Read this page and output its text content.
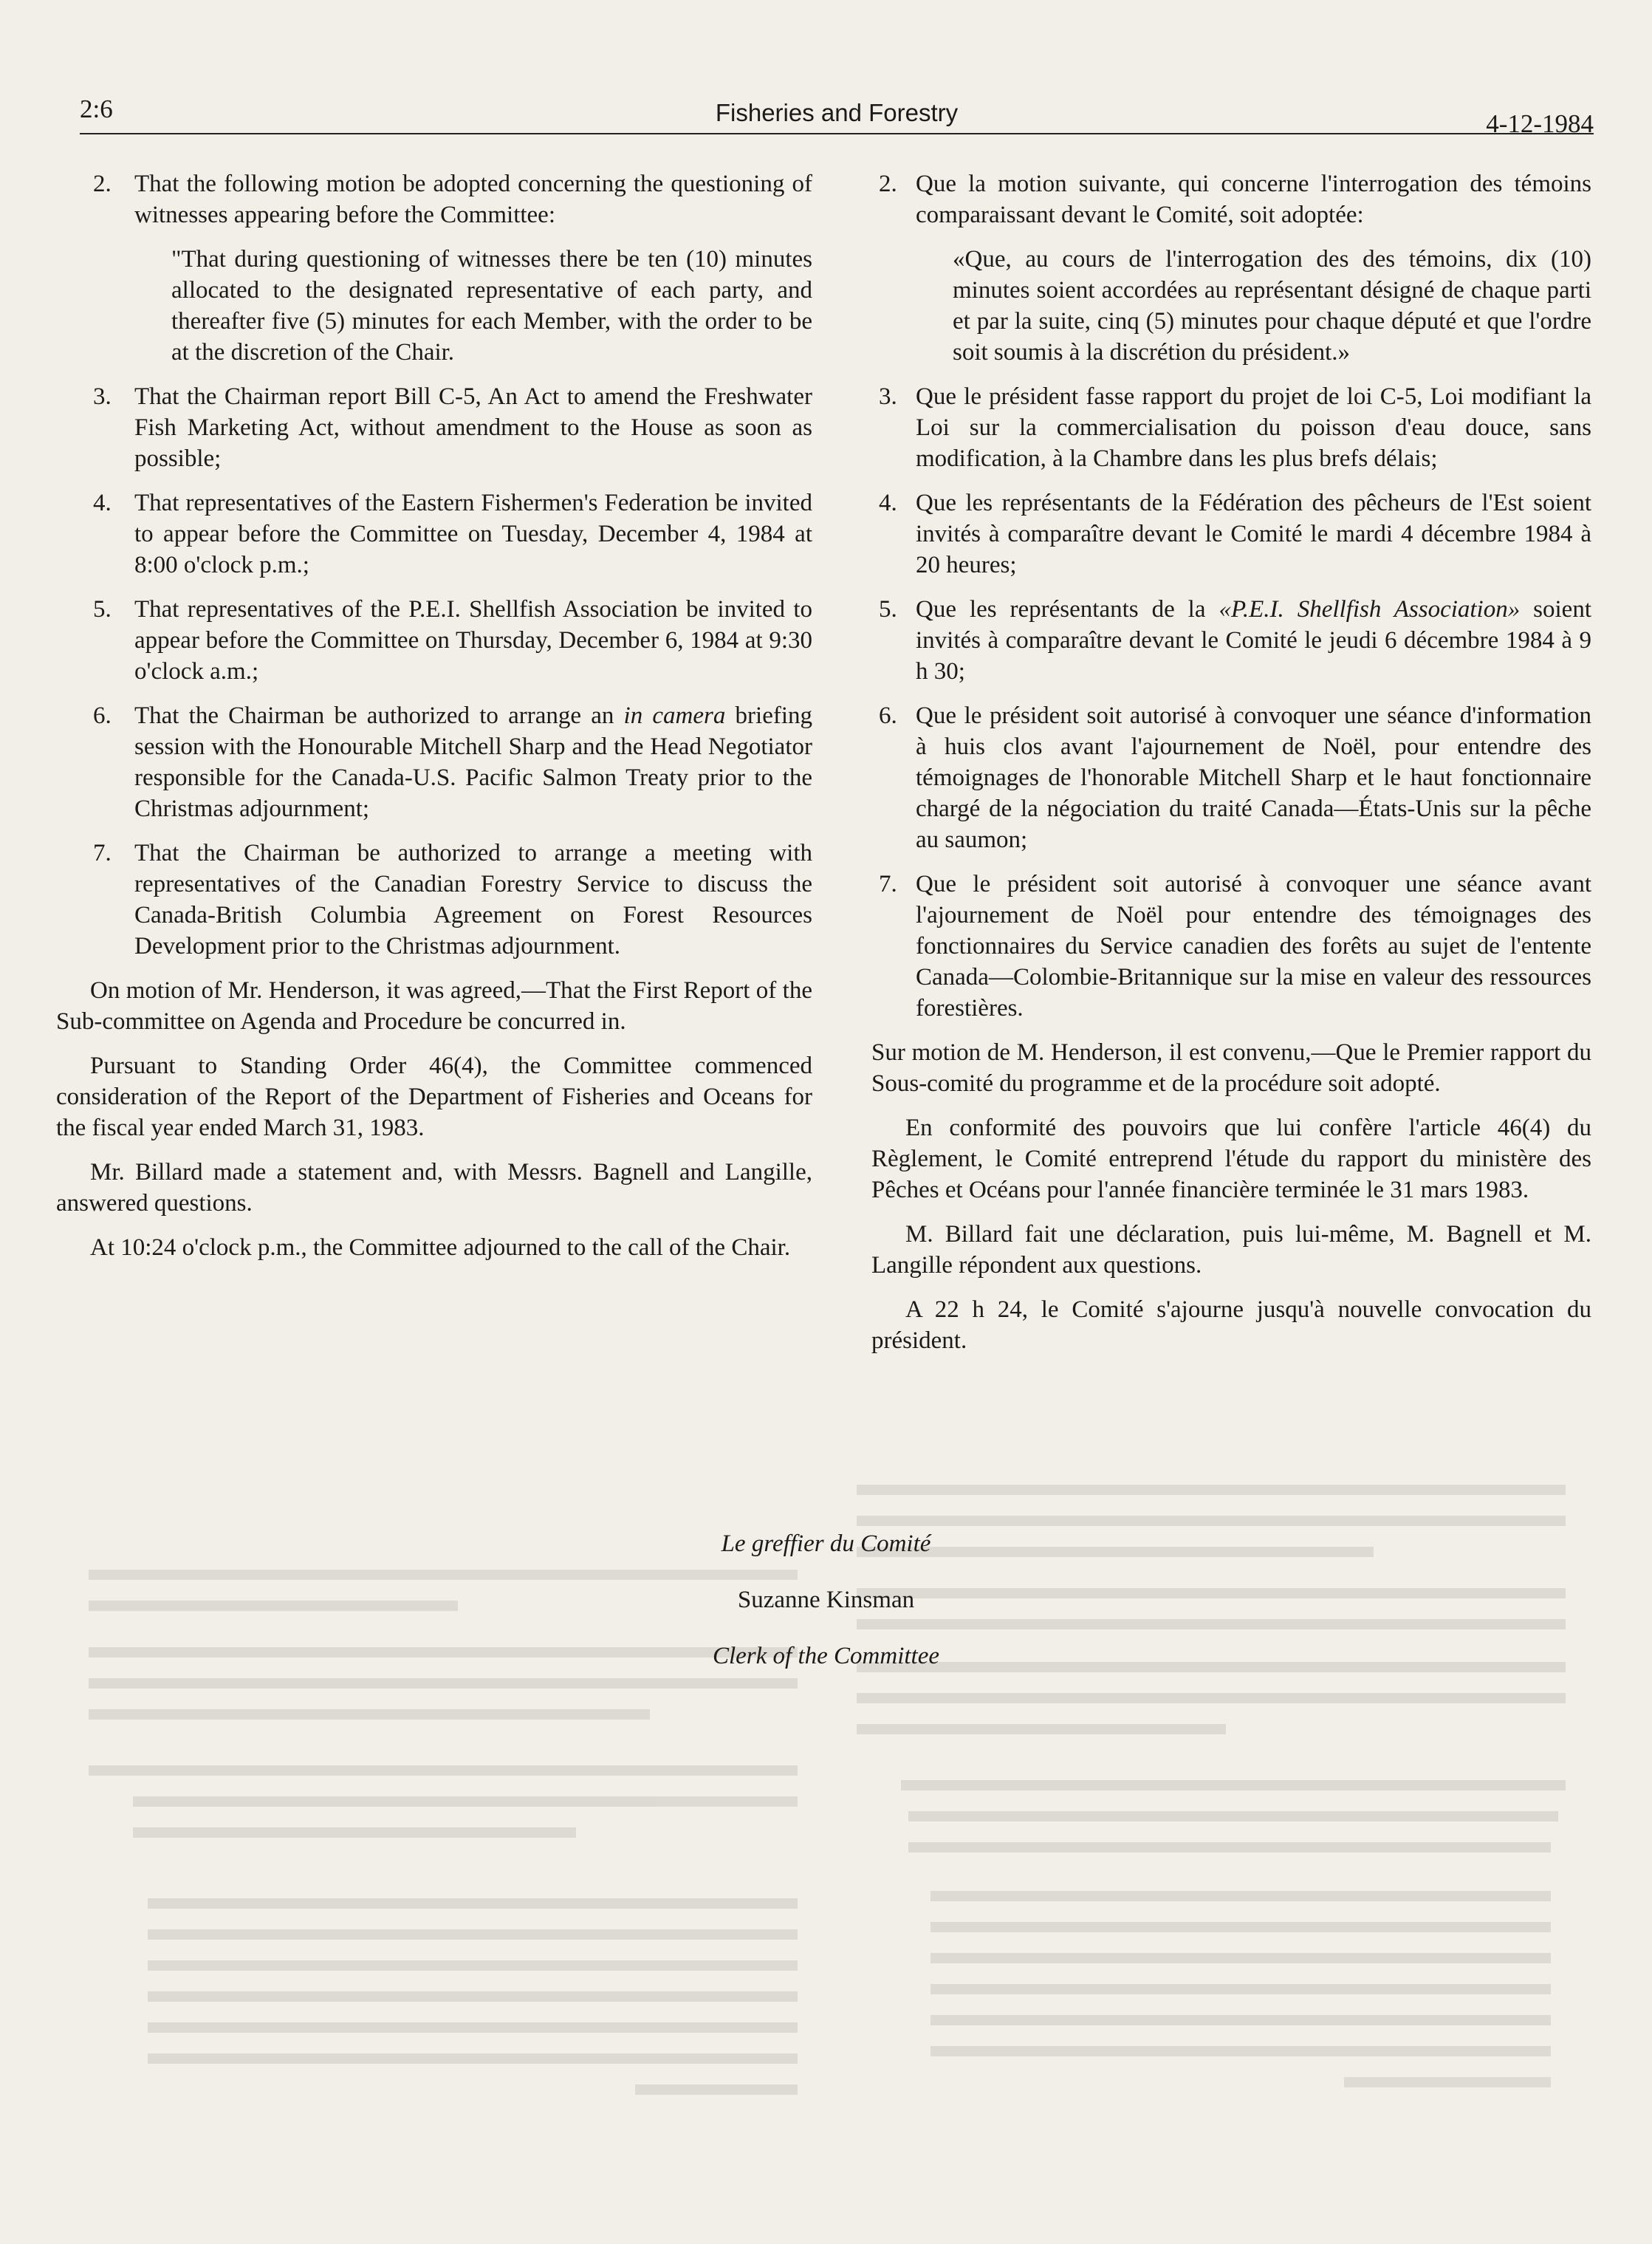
2:6	Fisheries and Forestry	4-12-1984
2. That the following motion be adopted concerning the questioning of witnesses appearing before the Committee:
"That during questioning of witnesses there be ten (10) minutes allocated to the designated representative of each party, and thereafter five (5) minutes for each Member, with the order to be at the discretion of the Chair.
3. That the Chairman report Bill C-5, An Act to amend the Freshwater Fish Marketing Act, without amendment to the House as soon as possible;
4. That representatives of the Eastern Fishermen's Federation be invited to appear before the Committee on Tuesday, December 4, 1984 at 8:00 o'clock p.m.;
5. That representatives of the P.E.I. Shellfish Association be invited to appear before the Committee on Thursday, December 6, 1984 at 9:30 o'clock a.m.;
6. That the Chairman be authorized to arrange an in camera briefing session with the Honourable Mitchell Sharp and the Head Negotiator responsible for the Canada-U.S. Pacific Salmon Treaty prior to the Christmas adjournment;
7. That the Chairman be authorized to arrange a meeting with representatives of the Canadian Forestry Service to discuss the Canada-British Columbia Agreement on Forest Resources Development prior to the Christmas adjournment.

On motion of Mr. Henderson, it was agreed,—That the First Report of the Sub-committee on Agenda and Procedure be concurred in.

Pursuant to Standing Order 46(4), the Committee commenced consideration of the Report of the Department of Fisheries and Oceans for the fiscal year ended March 31, 1983.

Mr. Billard made a statement and, with Messrs. Bagnell and Langille, answered questions.

At 10:24 o'clock p.m., the Committee adjourned to the call of the Chair.

2. Que la motion suivante, qui concerne l'interrogation des témoins comparaissant devant le Comité, soit adoptée:
«Que, au cours de l'interrogation des des témoins, dix (10) minutes soient accordées au représentant désigné de chaque parti et par la suite, cinq (5) minutes pour chaque député et que l'ordre soit soumis à la discrétion du président.»
3. Que le président fasse rapport du projet de loi C-5, Loi modifiant la Loi sur la commercialisation du poisson d'eau douce, sans modification, à la Chambre dans les plus brefs délais;
4. Que les représentants de la Fédération des pêcheurs de l'Est soient invités à comparaître devant le Comité le mardi 4 décembre 1984 à 20 heures;
5. Que les représentants de la «P.E.I. Shellfish Association» soient invités à comparaître devant le Comité le jeudi 6 décembre 1984 à 9 h 30;
6. Que le président soit autorisé à convoquer une séance d'information à huis clos avant l'ajournement de Noël, pour entendre des témoignages de l'honorable Mitchell Sharp et le haut fonctionnaire chargé de la négociation du traité Canada—États-Unis sur la pêche au saumon;
7. Que le président soit autorisé à convoquer une séance avant l'ajournement de Noël pour entendre des témoignages des fonctionnaires du Service canadien des forêts au sujet de l'entente Canada—Colombie-Britannique sur la mise en valeur des ressources forestières.

Sur motion de M. Henderson, il est convenu,—Que le Premier rapport du Sous-comité du programme et de la procédure soit adopté.

En conformité des pouvoirs que lui confère l'article 46(4) du Règlement, le Comité entreprend l'étude du rapport du ministère des Pêches et Océans pour l'année financière terminée le 31 mars 1983.

M. Billard fait une déclaration, puis lui-même, M. Bagnell et M. Langille répondent aux questions.

A 22 h 24, le Comité s'ajourne jusqu'à nouvelle convocation du président.

Le greffier du Comité
Suzanne Kinsman
Clerk of the Committee
